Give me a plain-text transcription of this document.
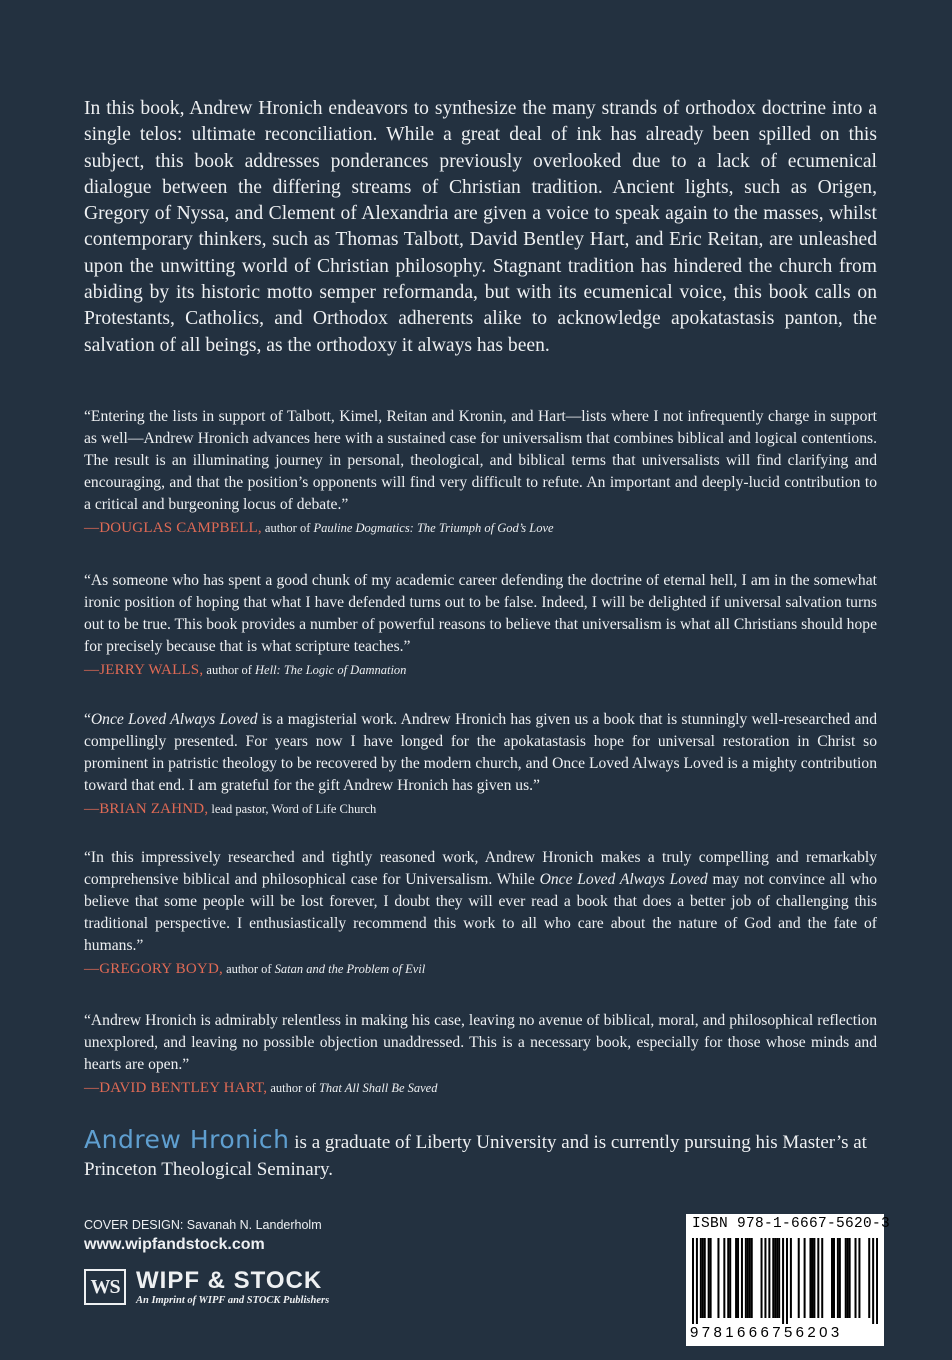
In this book, Andrew Hronich endeavors to synthesize the many strands of orthodox doctrine into a single telos: ultimate reconciliation. While a great deal of ink has already been spilled on this subject, this book addresses ponderances previously overlooked due to a lack of ecumenical dialogue between the differing streams of Christian tradition. Ancient lights, such as Origen, Gregory of Nyssa, and Clement of Alexandria are given a voice to speak again to the masses, whilst contemporary thinkers, such as Thomas Talbott, David Bentley Hart, and Eric Reitan, are unleashed upon the unwitting world of Christian philosophy. Stagnant tradition has hindered the church from abiding by its historic motto semper reformanda, but with its ecumenical voice, this book calls on Protestants, Catholics, and Orthodox adherents alike to acknowledge apokatastasis panton, the salvation of all beings, as the orthodoxy it always has been.

“Entering the lists in support of Talbott, Kimel, Reitan and Kronin, and Hart—lists where I not infrequently charge in support as well—Andrew Hronich advances here with a sustained case for universalism that combines biblical and logical contentions. The result is an illuminating journey in personal, theological, and biblical terms that universalists will find clarifying and encouraging, and that the position’s opponents will find very difficult to refute. An important and deeply-lucid contribution to a critical and burgeoning locus of debate.”

—DOUGLAS CAMPBELL, author of Pauline Dogmatics: The Triumph of God’s Love

“As someone who has spent a good chunk of my academic career defending the doctrine of eternal hell, I am in the somewhat ironic position of hoping that what I have defended turns out to be false. Indeed, I will be delighted if universal salvation turns out to be true. This book provides a number of powerful reasons to believe that universalism is what all Christians should hope for precisely because that is what scripture teaches.”

—JERRY WALLS, author of Hell: The Logic of Damnation

“Once Loved Always Loved is a magisterial work. Andrew Hronich has given us a book that is stunningly well-researched and compellingly presented. For years now I have longed for the apokatastasis hope for universal restoration in Christ so prominent in patristic theology to be recovered by the modern church, and Once Loved Always Loved is a mighty contribution toward that end. I am grateful for the gift Andrew Hronich has given us.”

—BRIAN ZAHND, lead pastor, Word of Life Church

“In this impressively researched and tightly reasoned work, Andrew Hronich makes a truly compelling and remarkably comprehensive biblical and philosophical case for Universalism. While Once Loved Always Loved may not convince all who believe that some people will be lost forever, I doubt they will ever read a book that does a better job of challenging this traditional perspective. I enthusiastically recommend this work to all who care about the nature of God and the fate of humans.”

—GREGORY BOYD, author of Satan and the Problem of Evil

“Andrew Hronich is admirably relentless in making his case, leaving no avenue of biblical, moral, and philosophical reflection unexplored, and leaving no possible objection unaddressed. This is a necessary book, especially for those whose minds and hearts are open.”

—DAVID BENTLEY HART, author of That All Shall Be Saved

Andrew Hronich is a graduate of Liberty University and is currently pursuing his Master’s at Princeton Theological Seminary.

COVER DESIGN: Savanah N. Landerholm
www.wipfandstock.com
WS WIPF & STOCK
An Imprint of WIPF and STOCK Publishers
ISBN 978-1-6667-5620-3
9781666756203
